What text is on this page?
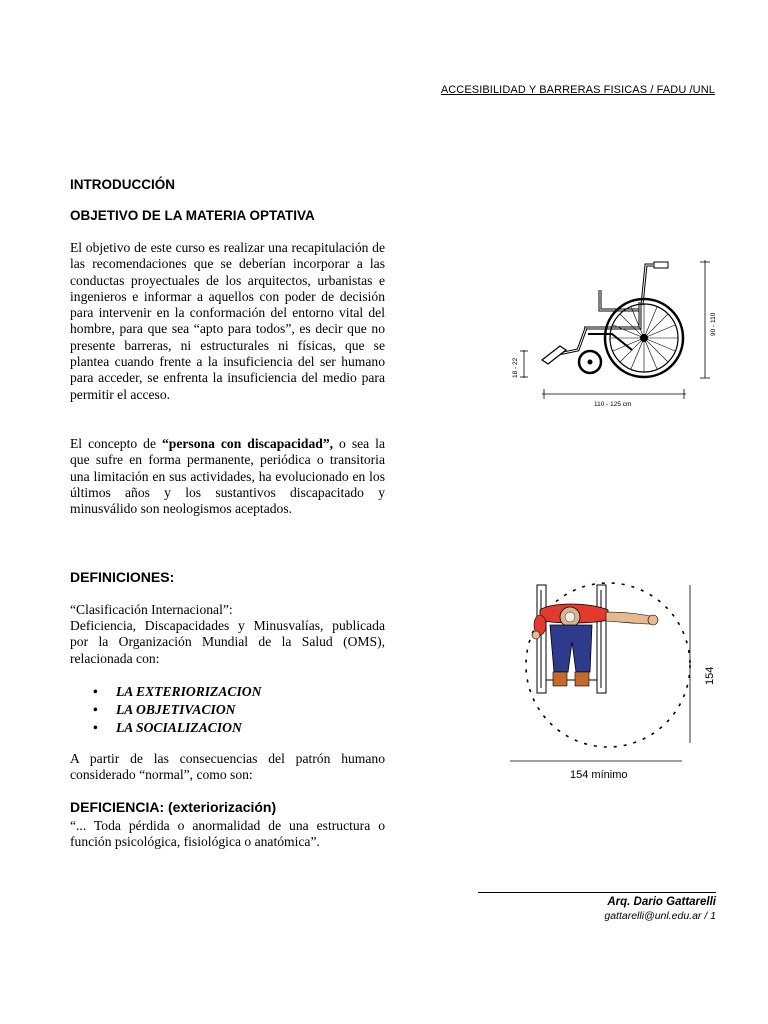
ACCESIBILIDAD Y BARRERAS FISICAS / FADU /UNL
INTRODUCCIÓN
OBJETIVO DE LA MATERIA OPTATIVA
El objetivo de este curso es realizar una recapitulación de las recomendaciones que se deberían incorporar a las conductas proyectuales de los arquitectos, urbanistas e ingenieros e informar a aquellos con poder de decisión para intervenir en la conformación del entorno vital del hombre, para que sea “apto para todos”, es decir que no presente barreras, ni estructurales ni físicas, que se plantea cuando frente a la insuficiencia del ser humano para acceder, se enfrenta la insuficiencia del medio para permitir el acceso.
El concepto de “persona con discapacidad”, o sea la que sufre en forma permanente, periódica o transitoria una limitación en sus actividades, ha evolucionado en los últimos años y los sustantivos discapacitado y minusválido son neologismos aceptados.
DEFINICIONES:
“Clasificación Internacional”:
Deficiencia, Discapacidades y Minusvalías, publicada por la Organización Mundial de la Salud (OMS), relacionada con:
• LA EXTERIORIZACION
• LA OBJETIVACION
• LA SOCIALIZACION
A partir de las consecuencias del patrón humano considerado “normal”, como son:
DEFICIENCIA: (exteriorización)
“... Toda pérdida o anormalidad de una estructura o función psicológica, fisiológica o anatómica”.
90 - 110
18 - 22
110 - 125 cm
154
154 mínimo
Arq. Dario Gattarelli
gattarelli@unl.edu.ar / 1
